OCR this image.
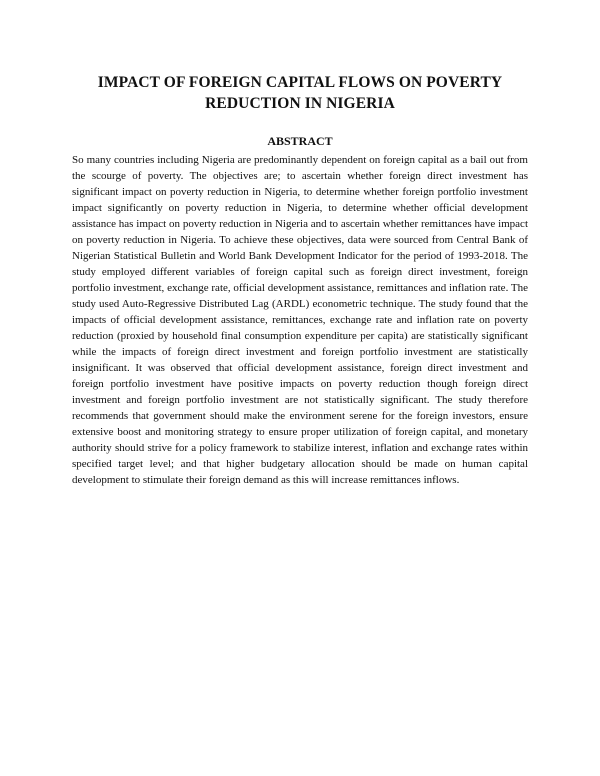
IMPACT OF FOREIGN CAPITAL FLOWS ON POVERTY
REDUCTION IN NIGERIA
ABSTRACT

So many countries including Nigeria are predominantly dependent on foreign capital as a bail out from the scourge of poverty. The objectives are; to ascertain whether foreign direct investment has significant impact on poverty reduction in Nigeria, to determine whether foreign portfolio investment impact significantly on poverty reduction in Nigeria, to determine whether official development assistance has impact on poverty reduction in Nigeria and to ascertain whether remittances have impact on poverty reduction in Nigeria. To achieve these objectives, data were sourced from Central Bank of Nigerian Statistical Bulletin and World Bank Development Indicator for the period of 1993-2018. The study employed different variables of foreign capital such as foreign direct investment, foreign portfolio investment, exchange rate, official development assistance, remittances and inflation rate. The study used Auto-Regressive Distributed Lag (ARDL) econometric technique. The study found that the impacts of official development assistance, remittances, exchange rate and inflation rate on poverty reduction (proxied by household final consumption expenditure per capita) are statistically significant while the impacts of foreign direct investment and foreign portfolio investment are statistically insignificant. It was observed that official development assistance, foreign direct investment and foreign portfolio investment have positive impacts on poverty reduction though foreign direct investment and foreign portfolio investment are not statistically significant. The study therefore recommends that government should make the environment serene for the foreign investors, ensure extensive boost and monitoring strategy to ensure proper utilization of foreign capital, and monetary authority should strive for a policy framework to stabilize interest, inflation and exchange rates within specified target level; and that higher budgetary allocation should be made on human capital development to stimulate their foreign demand as this will increase remittances inflows.
